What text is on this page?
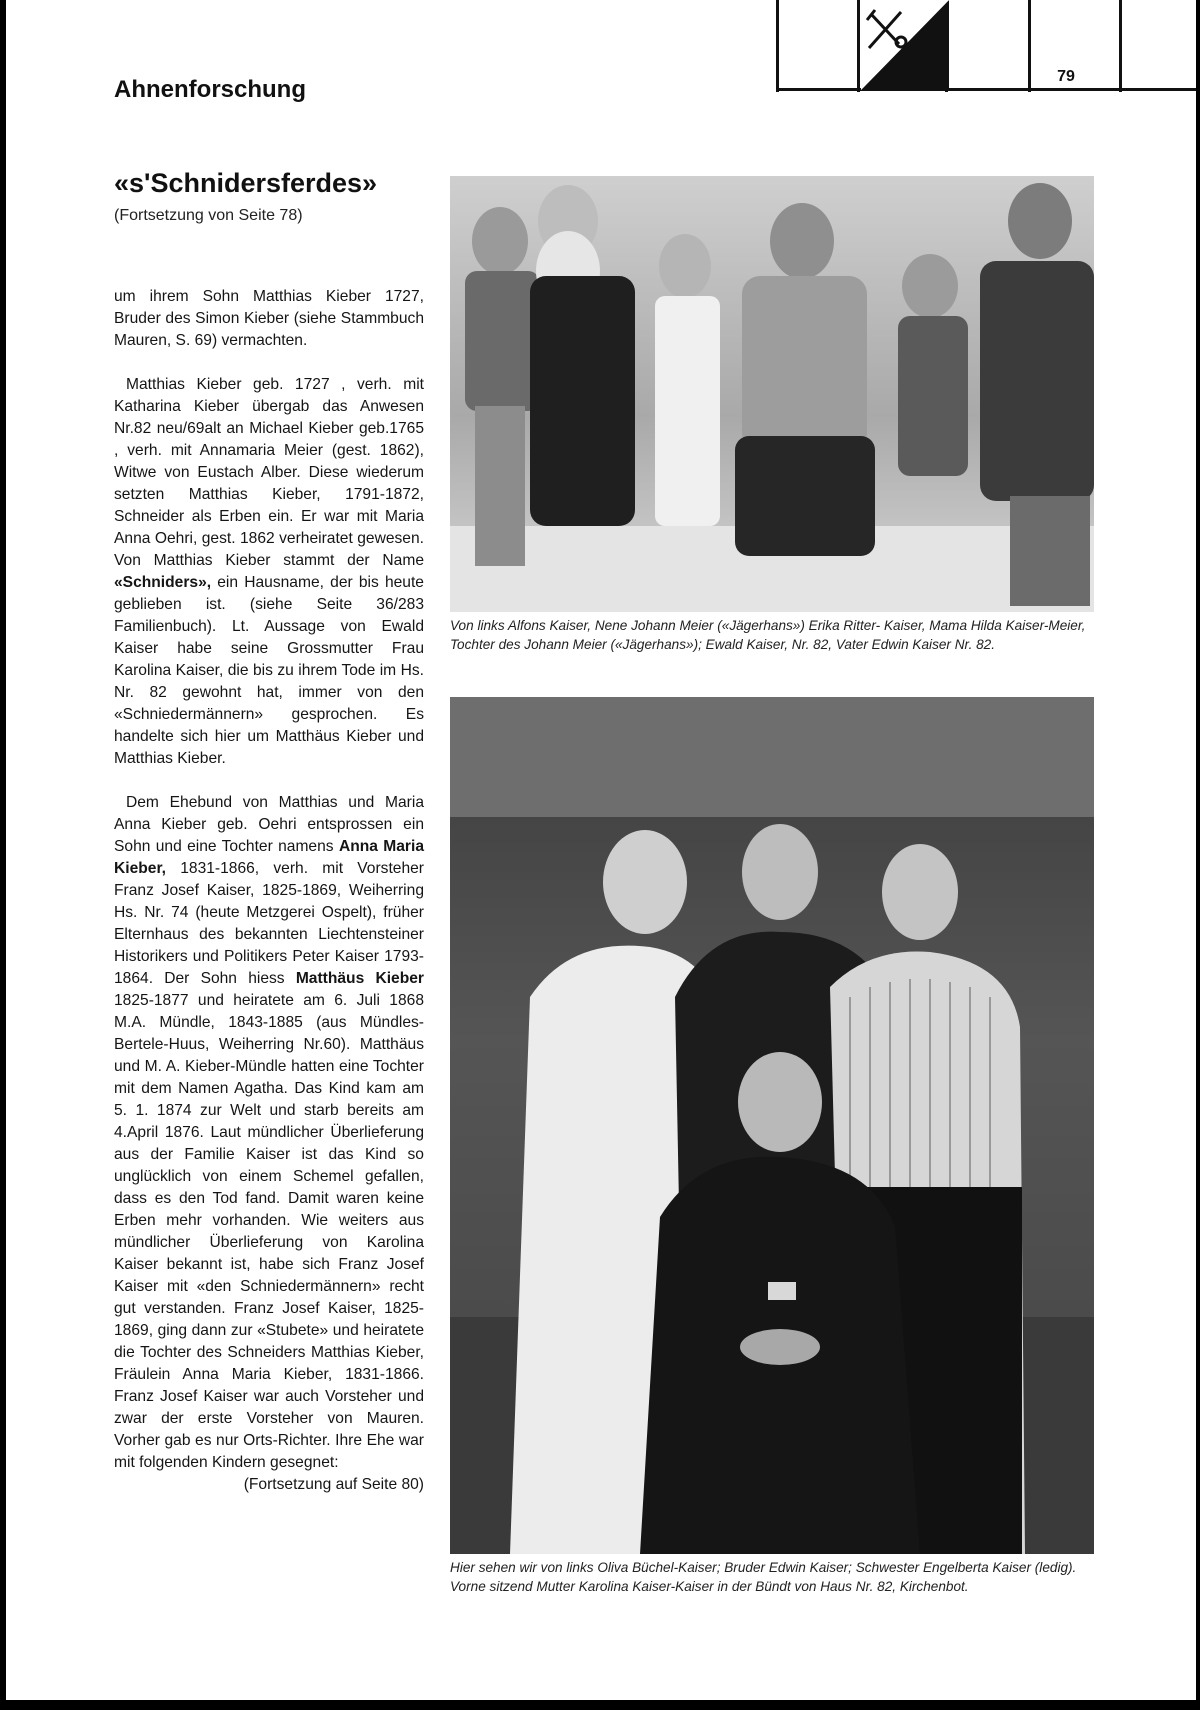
79
Ahnenforschung
«s'Schnidersferdes»
(Fortsetzung von Seite 78)

um ihrem Sohn Matthias Kieber 1727, Bruder des Simon Kieber (siehe Stammbuch Mauren, S. 69) vermachten.

Matthias Kieber geb. 1727 , verh. mit Katharina Kieber übergab das Anwesen Nr.82 neu/69alt an Michael Kieber geb.1765 , verh. mit Annamaria Meier (gest. 1862), Witwe von Eustach Alber. Diese wiederum setzten Matthias Kieber, 1791-1872, Schneider als Erben ein. Er war mit Maria Anna Oehri, gest. 1862 verheiratet gewesen. Von Matthias Kieber stammt der Name «Schniders», ein Hausname, der bis heute geblieben ist. (siehe Seite 36/283 Familienbuch). Lt. Aussage von Ewald Kaiser habe seine Grossmutter Frau Karolina Kaiser, die bis zu ihrem Tode im Hs. Nr. 82 gewohnt hat, immer von den «Schniedermännern» gesprochen. Es handelte sich hier um Matthäus Kieber und Matthias Kieber.

Dem Ehebund von Matthias und Maria Anna Kieber geb. Oehri entsprossen ein Sohn und eine Tochter namens Anna Maria Kieber, 1831-1866, verh. mit Vorsteher Franz Josef Kaiser, 1825-1869, Weiherring Hs. Nr. 74 (heute Metzgerei Ospelt), früher Elternhaus des bekannten Liechtensteiner Historikers und Politikers Peter Kaiser 1793-1864. Der Sohn hiess Matthäus Kieber 1825-1877 und heiratete am 6. Juli 1868 M.A. Mündle, 1843-1885 (aus Mündles-Bertele-Huus, Weiherring Nr.60). Matthäus und M. A. Kieber-Mündle hatten eine Tochter mit dem Namen Agatha. Das Kind kam am 5. 1. 1874 zur Welt und starb bereits am 4.April 1876. Laut mündlicher Überlieferung aus der Familie Kaiser ist das Kind so unglücklich von einem Schemel gefallen, dass es den Tod fand. Damit waren keine Erben mehr vorhanden. Wie weiters aus mündlicher Überlieferung von Karolina Kaiser bekannt ist, habe sich Franz Josef Kaiser mit «den Schniedermännern» recht gut verstanden. Franz Josef Kaiser, 1825-1869, ging dann zur «Stubete» und heiratete die Tochter des Schneiders Matthias Kieber, Fräulein Anna Maria Kieber, 1831-1866. Franz Josef Kaiser war auch Vorsteher und zwar der erste Vorsteher von Mauren. Vorher gab es nur Orts-Richter. Ihre Ehe war mit folgenden Kindern gesegnet:

(Fortsetzung auf Seite 80)

Von links Alfons Kaiser, Nene Johann Meier («Jägerhans») Erika Ritter- Kaiser, Mama Hilda Kaiser-Meier, Tochter des Johann Meier («Jägerhans»); Ewald Kaiser, Nr. 82, Vater Edwin Kaiser Nr. 82.
Hier sehen wir von links Oliva Büchel-Kaiser; Bruder Edwin Kaiser; Schwester Engelberta Kaiser (ledig). Vorne sitzend Mutter Karolina Kaiser-Kaiser in der Bündt von Haus Nr. 82, Kirchenbot.
